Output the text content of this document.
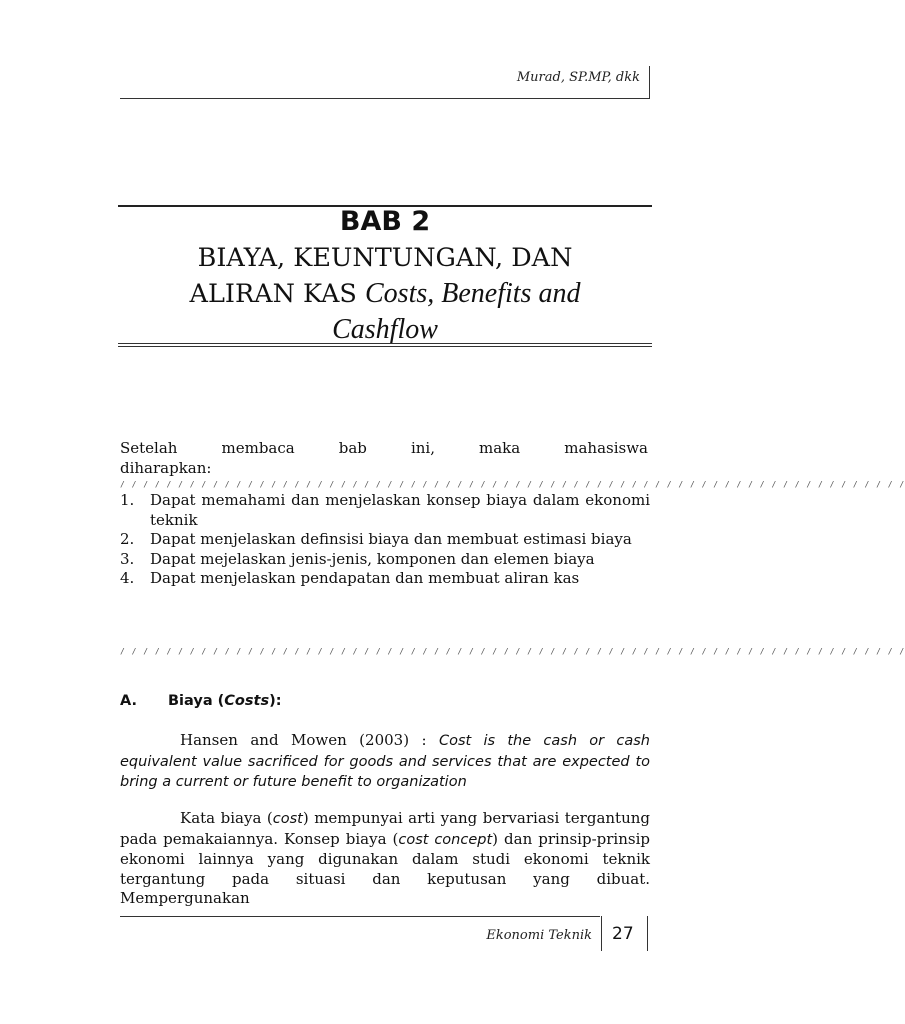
Murad, SP.MP, dkk
BAB 2
BIAYA, KEUNTUNGAN, DAN
ALIRAN KAS Costs, Benefits and
Cashflow
Setelah membaca bab ini, maka mahasiswa
diharapkan:
/ / / / / / / / / / / / / / / / / / / / / / / / / / / / / / / / / / / / / / / / / / / / / / / / / / / / / / / / / / / / / / / / / / / /
1. Dapat memahami dan menjelaskan konsep biaya dalam ekonomi teknik
2. Dapat menjelaskan definsisi biaya dan membuat estimasi biaya
3. Dapat mejelaskan jenis-jenis, komponen dan elemen biaya
4. Dapat menjelaskan pendapatan dan membuat aliran kas
/ / / / / / / / / / / / / / / / / / / / / / / / / / / / / / / / / / / / / / / / / / / / / / / / / / / / / / / / / / / / / / / / / / / /
A. Biaya (Costs):
Hansen and Mowen (2003) : Cost is the cash or cash equivalent value sacrificed for goods and services that are expected to bring a current or future benefit to organization
Kata biaya (cost) mempunyai arti yang bervariasi tergantung pada pemakaiannya. Konsep biaya (cost concept) dan prinsip-prinsip ekonomi lainnya yang digunakan dalam studi ekonomi teknik tergantung pada situasi dan keputusan yang dibuat. Mempergunakan
Ekonomi Teknik 27
